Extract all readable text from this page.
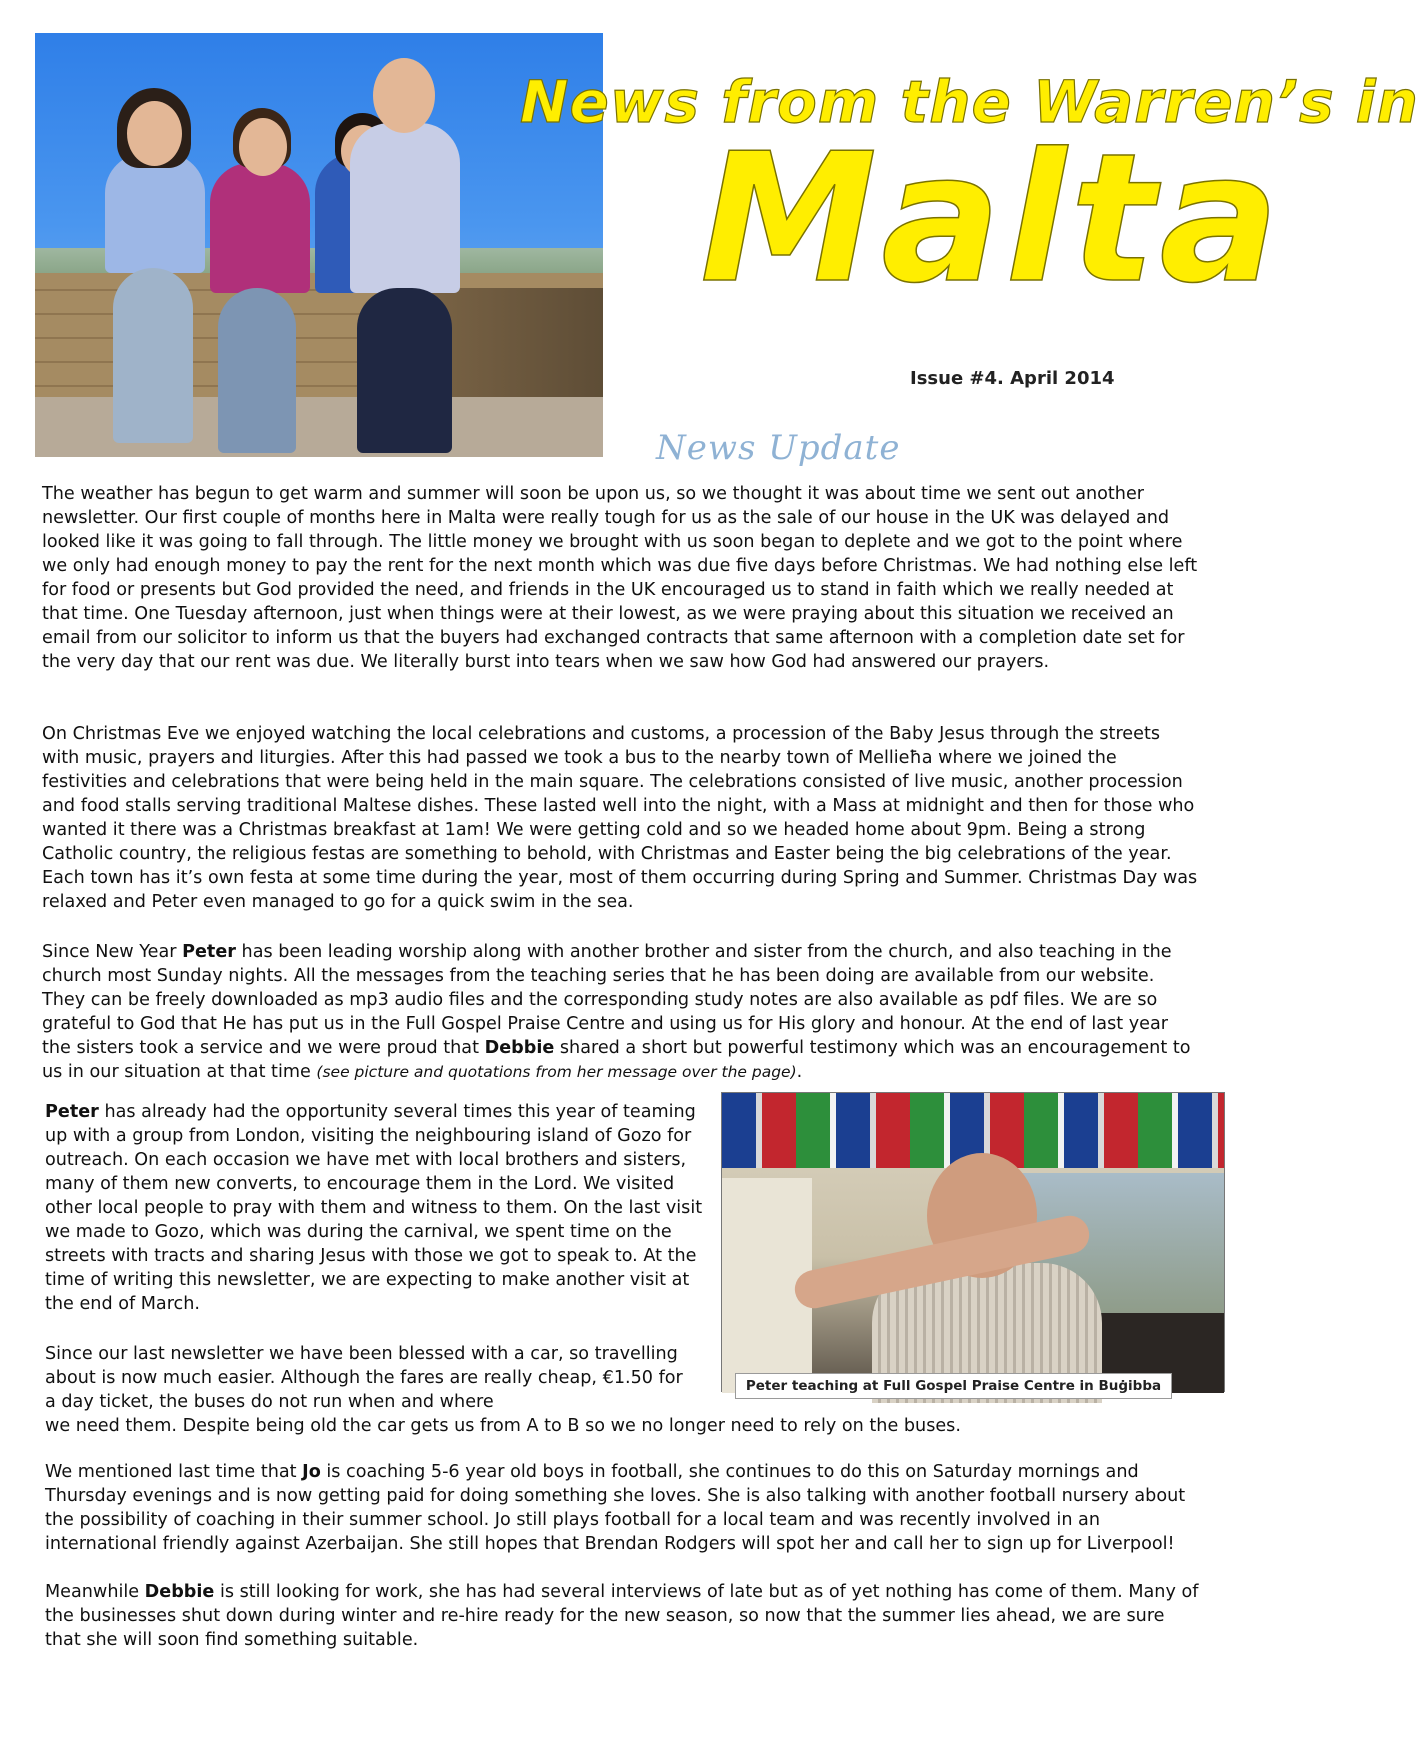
News from the Warren’s in
Malta
Issue #4. April 2014
News Update

The weather has begun to get warm and summer will soon be upon us, so we thought it was about time we sent out another newsletter. Our first couple of months here in Malta were really tough for us as the sale of our house in the UK was delayed and looked like it was going to fall through. The little money we brought with us soon began to deplete and we got to the point where we only had enough money to pay the rent for the next month which was due five days before Christmas. We had nothing else left for food or presents but God provided the need, and friends in the UK encouraged us to stand in faith which we really needed at that time. One Tuesday afternoon, just when things were at their lowest, as we were praying about this situation we received an email from our solicitor to inform us that the buyers had exchanged contracts that same afternoon with a completion date set for the very day that our rent was due. We literally burst into tears when we saw how God had answered our prayers.

On Christmas Eve we enjoyed watching the local celebrations and customs, a procession of the Baby Jesus through the streets with music, prayers and liturgies. After this had passed we took a bus to the nearby town of Mellieħa where we joined the festivities and celebrations that were being held in the main square. The celebrations consisted of live music, another procession and food stalls serving traditional Maltese dishes. These lasted well into the night, with a Mass at midnight and then for those who wanted it there was a Christmas breakfast at 1am! We were getting cold and so we headed home about 9pm. Being a strong Catholic country, the religious festas are something to behold, with Christmas and Easter being the big celebrations of the year. Each town has it’s own festa at some time during the year, most of them occurring during Spring and Summer. Christmas Day was relaxed and Peter even managed to go for a quick swim in the sea.

Since New Year Peter has been leading worship along with another brother and sister from the church, and also teaching in the church most Sunday nights. All the messages from the teaching series that he has been doing are available from our website. They can be freely downloaded as mp3 audio files and the corresponding study notes are also available as pdf files. We are so grateful to God that He has put us in the Full Gospel Praise Centre and using us for His glory and honour. At the end of last year the sisters took a service and we were proud that Debbie shared a short but powerful testimony which was an encouragement to us in our situation at that time (see picture and quotations from her message over the page).

Peter has already had the opportunity several times this year of teaming up with a group from London, visiting the neighbouring island of Gozo for outreach. On each occasion we have met with local brothers and sisters, many of them new converts, to encourage them in the Lord. We visited other local people to pray with them and witness to them. On the last visit we made to Gozo, which was during the carnival, we spent time on the streets with tracts and sharing Jesus with those we got to speak to. At the time of writing this newsletter, we are expecting to make another visit at the end of March.

Since our last newsletter we have been blessed with a car, so travelling about is now much easier. Although the fares are really cheap, €1.50 for a day ticket, the buses do not run when and where
we need them. Despite being old the car gets us from A to B so we no longer need to rely on the buses.

We mentioned last time that Jo is coaching 5-6 year old boys in football, she continues to do this on Saturday mornings and Thursday evenings and is now getting paid for doing something she loves. She is also talking with another football nursery about the possibility of coaching in their summer school. Jo still plays football for a local team and was recently involved in an international friendly against Azerbaijan. She still hopes that Brendan Rodgers will spot her and call her to sign up for Liverpool!

Meanwhile Debbie is still looking for work, she has had several interviews of late but as of yet nothing has come of them. Many of the businesses shut down during winter and re-hire ready for the new season, so now that the summer lies ahead, we are sure that she will soon find something suitable.

Peter teaching at Full Gospel Praise Centre in Buġibba
